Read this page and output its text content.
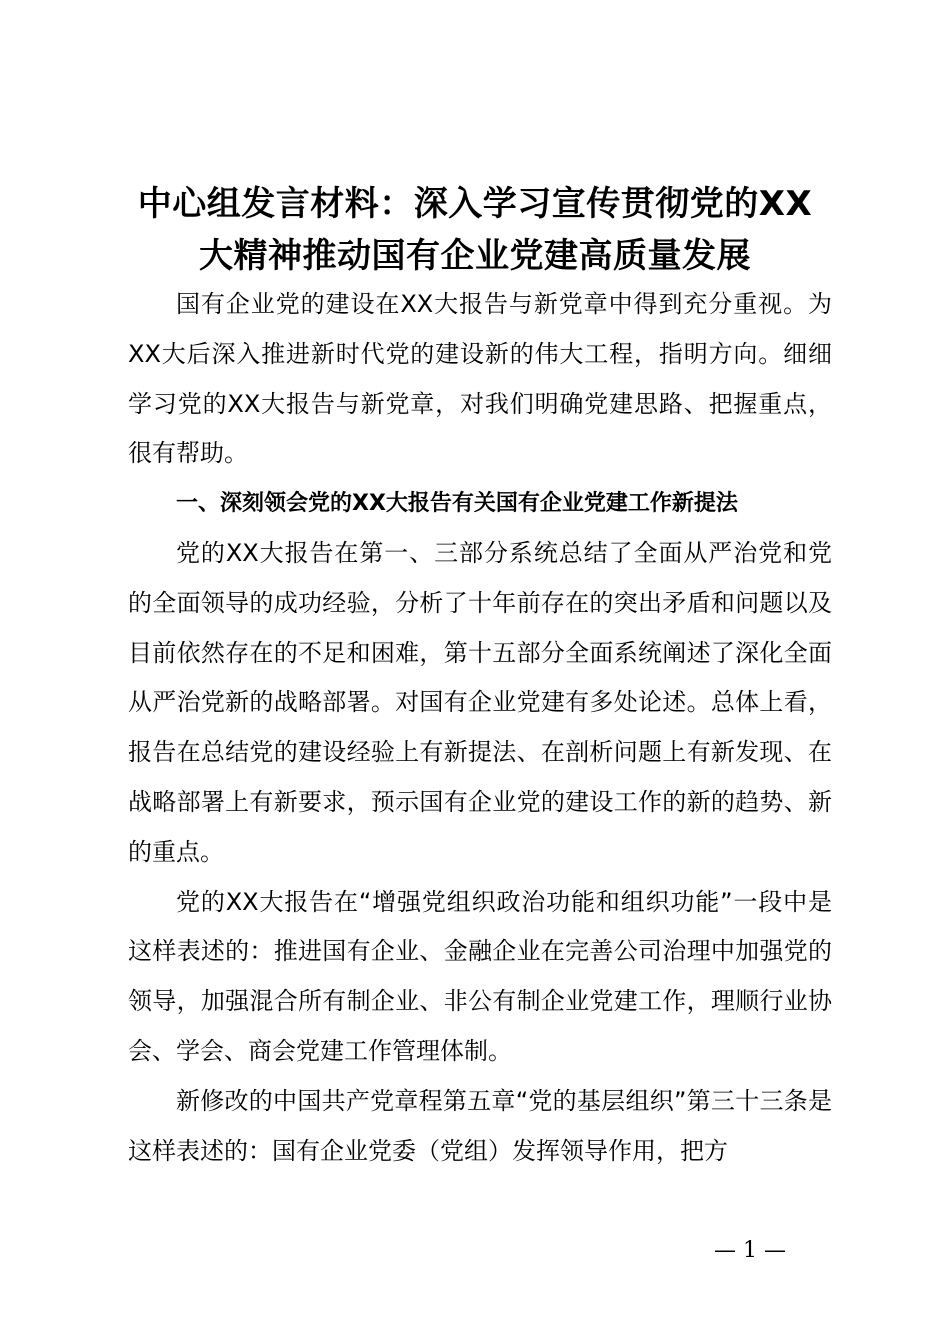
中心组发言材料：深入学习宣传贯彻党的XX
大精神推动国有企业党建高质量发展

国有企业党的建设在XX大报告与新党章中得到充分重视。为XX大后深入推进新时代党的建设新的伟大工程，指明方向。细细学习党的XX大报告与新党章，对我们明确党建思路、把握重点，很有帮助。

一、深刻领会党的XX大报告有关国有企业党建工作新提法

党的XX大报告在第一、三部分系统总结了全面从严治党和党的全面领导的成功经验，分析了十年前存在的突出矛盾和问题以及目前依然存在的不足和困难，第十五部分全面系统阐述了深化全面从严治党新的战略部署。对国有企业党建有多处论述。总体上看，报告在总结党的建设经验上有新提法、在剖析问题上有新发现、在战略部署上有新要求，预示国有企业党的建设工作的新的趋势、新的重点。

党的XX大报告在“增强党组织政治功能和组织功能”一段中是这样表述的：推进国有企业、金融企业在完善公司治理中加强党的领导，加强混合所有制企业、非公有制企业党建工作，理顺行业协会、学会、商会党建工作管理体制。

新修改的中国共产党章程第五章“党的基层组织”第三十三条是这样表述的：国有企业党委（党组）发挥领导作用，把方

— 1 —
